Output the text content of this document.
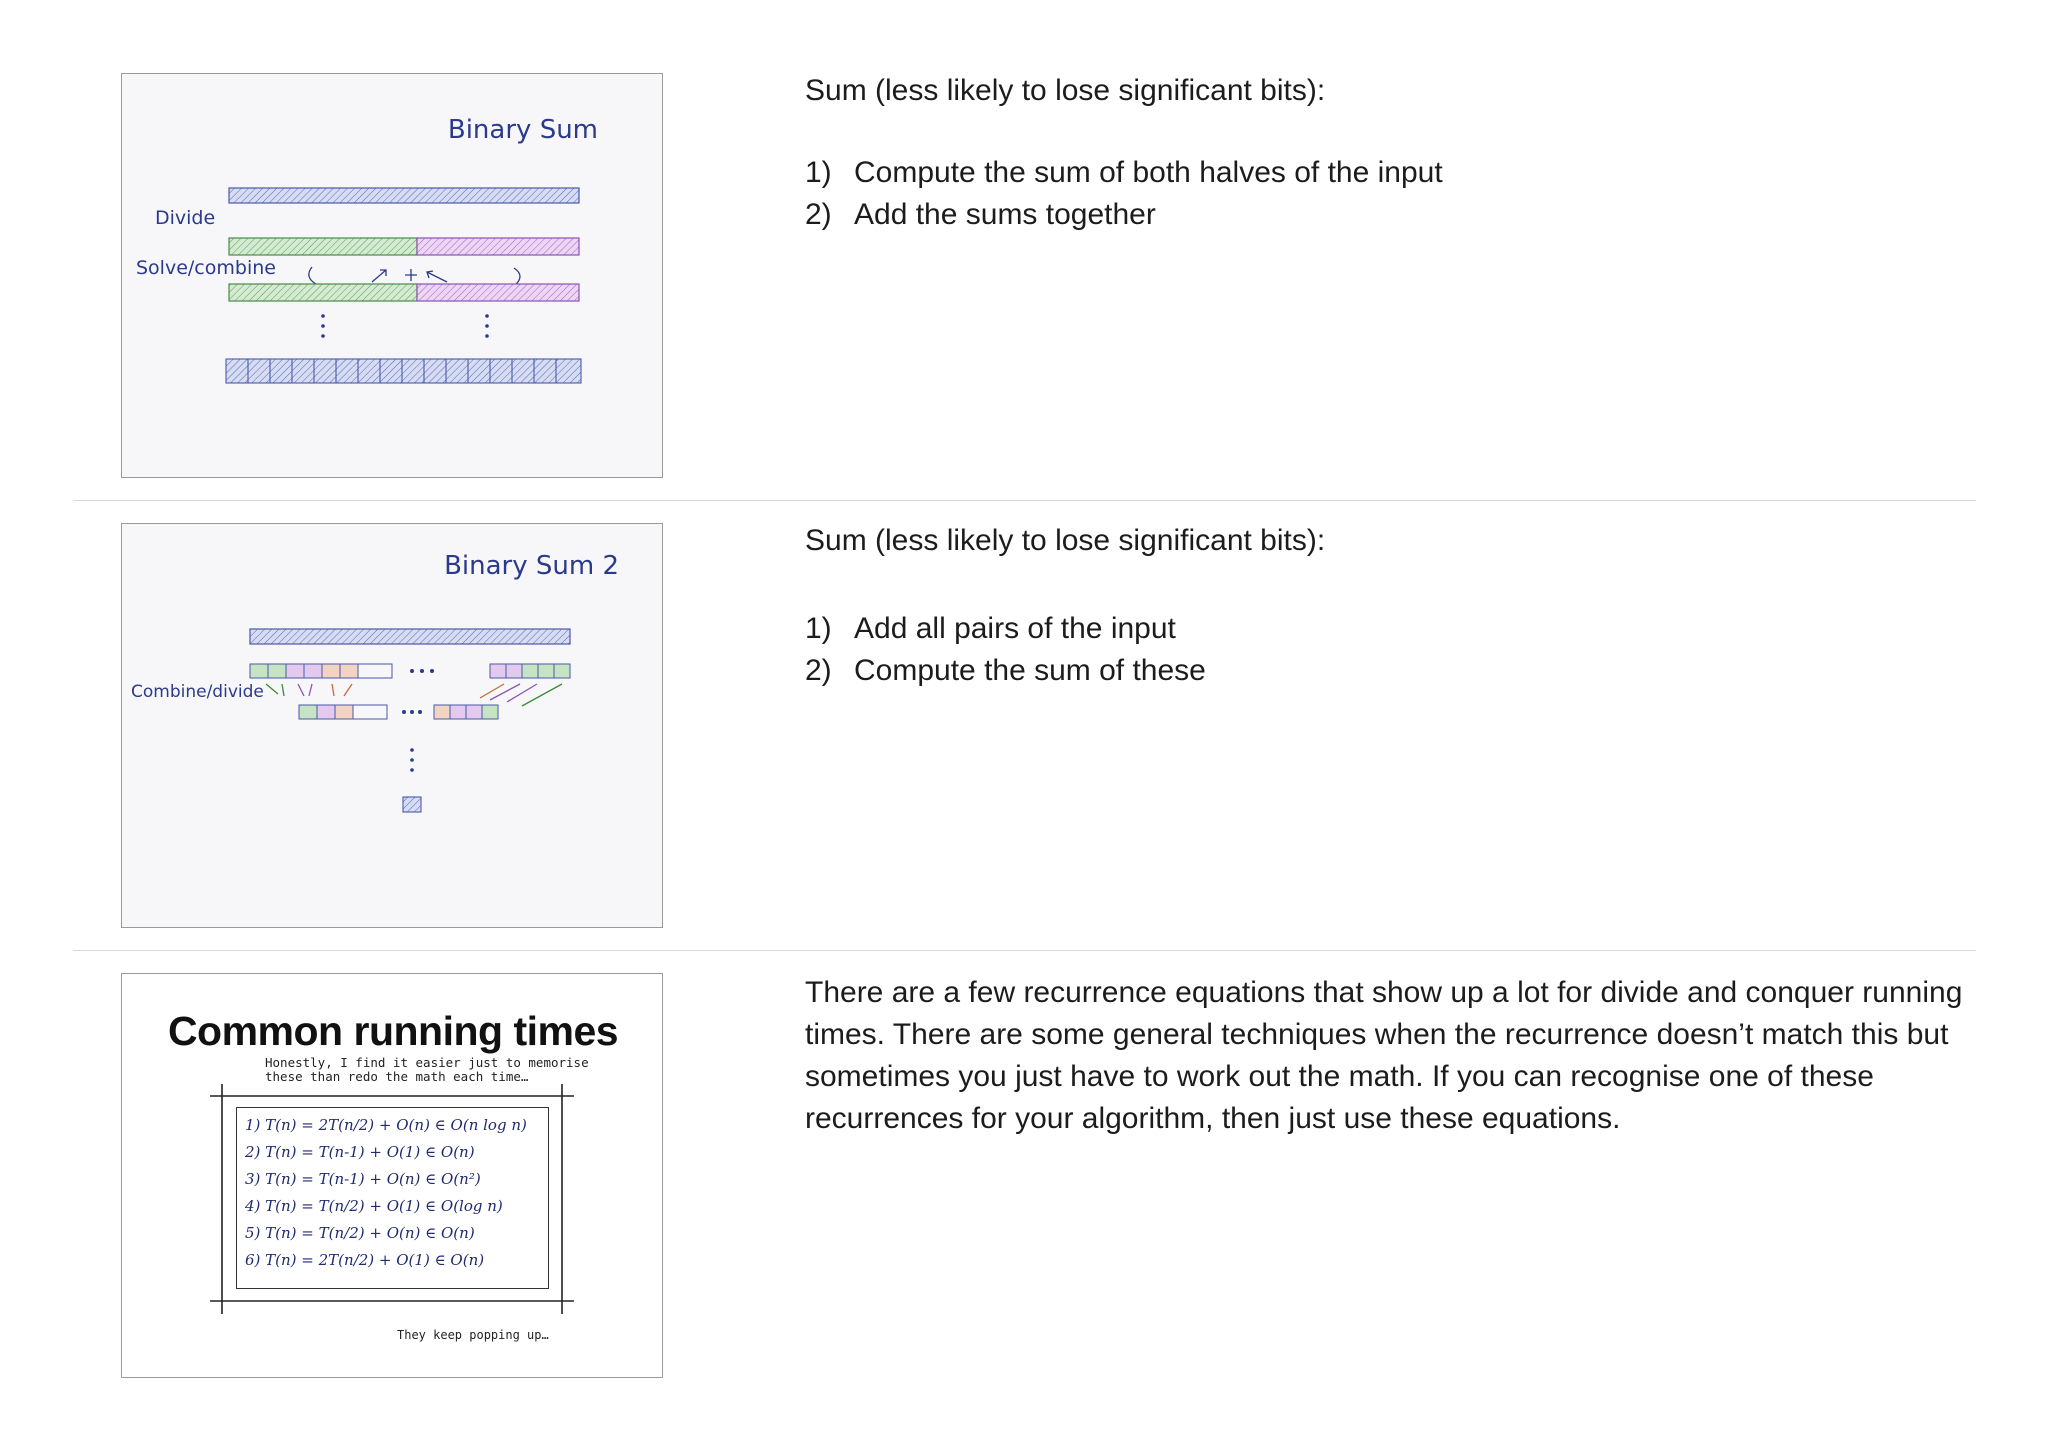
Binary Sum
Divide
Solve/combine

Sum (less likely to lose significant bits):

1) Compute the sum of both halves of the input
2) Add the sums together
Binary Sum 2
Combine/divide

Sum (less likely to lose significant bits):

1) Add all pairs of the input
2) Compute the sum of these
Common running times
Honestly, I find it easier just to memorise
these than redo the math each time…
1) T(n) = 2T(n/2) + O(n) ∈ O(n log n)
2) T(n) = T(n-1) + O(1) ∈ O(n)
3) T(n) = T(n-1) + O(n) ∈ O(n²)
4) T(n) = T(n/2) + O(1) ∈ O(log n)
5) T(n) = T(n/2) + O(n) ∈ O(n)
6) T(n) = 2T(n/2) + O(1) ∈ O(n)
They keep popping up…

There are a few recurrence equations that show up a lot for divide and conquer running times. There are some general techniques when the recurrence doesn’t match this but sometimes you just have to work out the math. If you can recognise one of these recurrences for your algorithm, then just use these equations.
